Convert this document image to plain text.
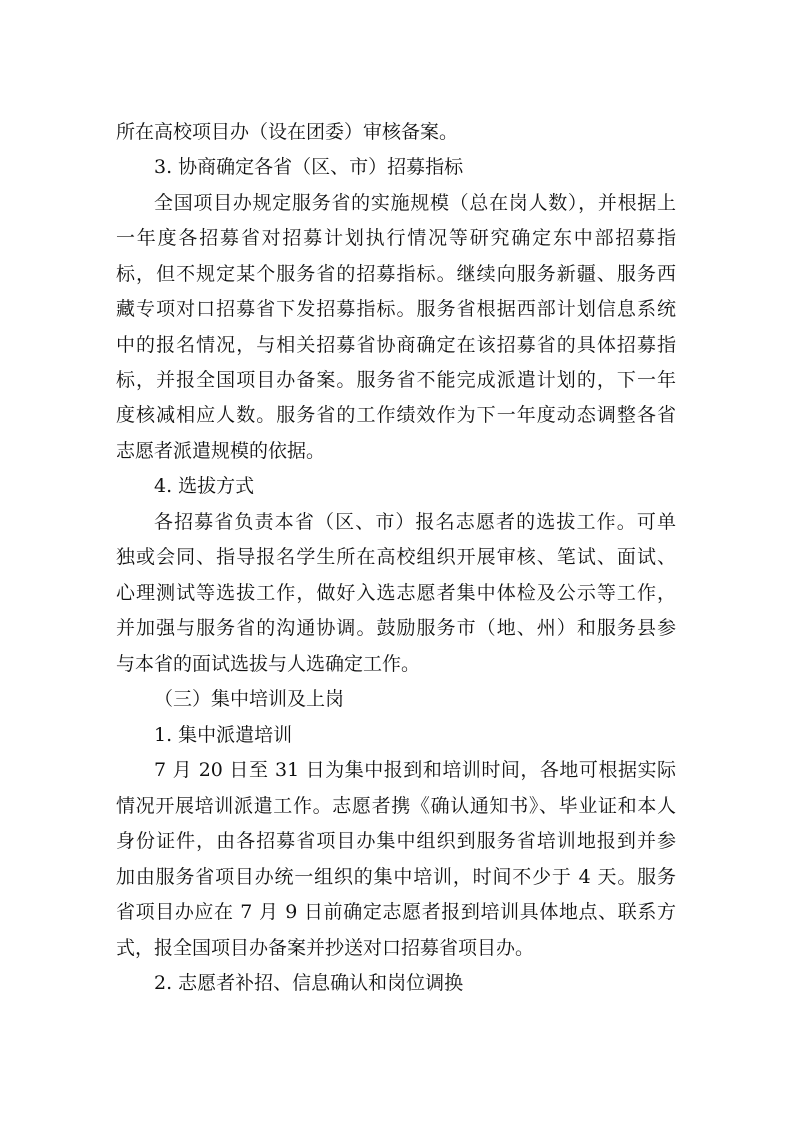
所在高校项目办（设在团委）审核备案。
3. 协商确定各省（区、市）招募指标
全国项目办规定服务省的实施规模（总在岗人数），并根据上
一年度各招募省对招募计划执行情况等研究确定东中部招募指
标，但不规定某个服务省的招募指标。继续向服务新疆、服务西
藏专项对口招募省下发招募指标。服务省根据西部计划信息系统
中的报名情况，与相关招募省协商确定在该招募省的具体招募指
标，并报全国项目办备案。服务省不能完成派遣计划的，下一年
度核减相应人数。服务省的工作绩效作为下一年度动态调整各省
志愿者派遣规模的依据。
4. 选拔方式
各招募省负责本省（区、市）报名志愿者的选拔工作。可单
独或会同、指导报名学生所在高校组织开展审核、笔试、面试、
心理测试等选拔工作，做好入选志愿者集中体检及公示等工作，
并加强与服务省的沟通协调。鼓励服务市（地、州）和服务县参
与本省的面试选拔与人选确定工作。
（三）集中培训及上岗
1. 集中派遣培训
7 月 20 日至 31 日为集中报到和培训时间，各地可根据实际
情况开展培训派遣工作。志愿者携《确认通知书》、毕业证和本人
身份证件，由各招募省项目办集中组织到服务省培训地报到并参
加由服务省项目办统一组织的集中培训，时间不少于 4 天。服务
省项目办应在 7 月 9 日前确定志愿者报到培训具体地点、联系方
式，报全国项目办备案并抄送对口招募省项目办。
2. 志愿者补招、信息确认和岗位调换
